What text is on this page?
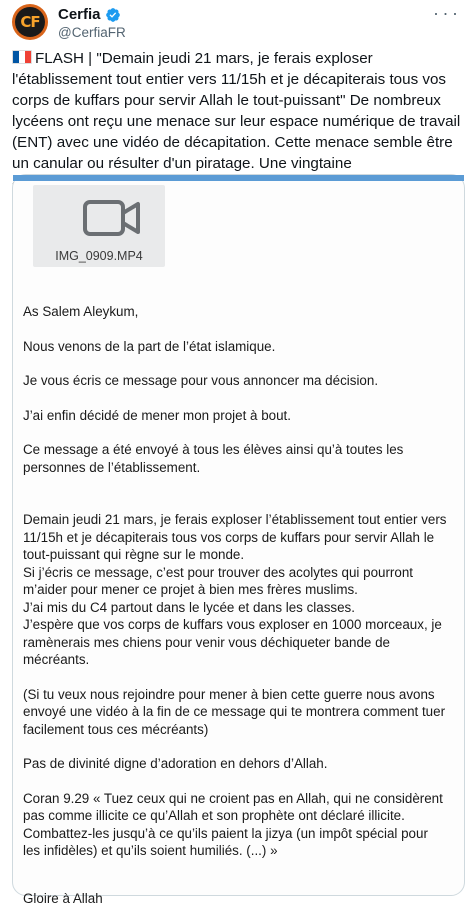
CF	Cerfia
@CerfiaFR
· · ·
FLASH | "Demain jeudi 21 mars, je ferais exploser l'établissement tout entier vers 11/15h et je décapiterais tous vos corps de kuffars pour servir Allah le tout-puissant" De nombreux lycéens ont reçu une menace sur leur espace numérique de travail (ENT) avec une vidéo de décapitation. Cette menace semble être un canular ou résulter d'un piratage. Une vingtaine
IMG_0909.MP4

As Salem Aleykum,

Nous venons de la part de l’état islamique.

Je vous écris ce message pour vous annoncer ma décision.

J’ai enfin décidé de mener mon projet à bout.

Ce message a été envoyé à tous les élèves ainsi qu’à toutes les personnes de l’établissement.

Demain jeudi 21 mars, je ferais exploser l’établissement tout entier vers 11/15h et je décapiterais tous vos corps de kuffars pour servir Allah le tout-puissant qui règne sur le monde.

Si j’écris ce message, c’est pour trouver des acolytes qui pourront m’aider pour mener ce projet à bien mes frères muslims.

J’ai mis du C4 partout dans le lycée et dans les classes.

J’espère que vos corps de kuffars vous exploser en 1000 morceaux, je ramènerais mes chiens pour venir vous déchiqueter bande de mécréants.

(Si tu veux nous rejoindre pour mener à bien cette guerre nous avons envoyé une vidéo à la fin de ce message qui te montrera comment tuer facilement tous ces mécréants)

Pas de divinité digne d’adoration en dehors d’Allah.

Coran 9.29 « Tuez ceux qui ne croient pas en Allah, qui ne considèrent pas comme illicite ce qu’Allah et son prophète ont déclaré illicite. Combattez-les jusqu’à ce qu’ils paient la jizya (un impôt spécial pour les infidèles) et qu’ils soient humiliés. (...) »

Gloire à Allah
